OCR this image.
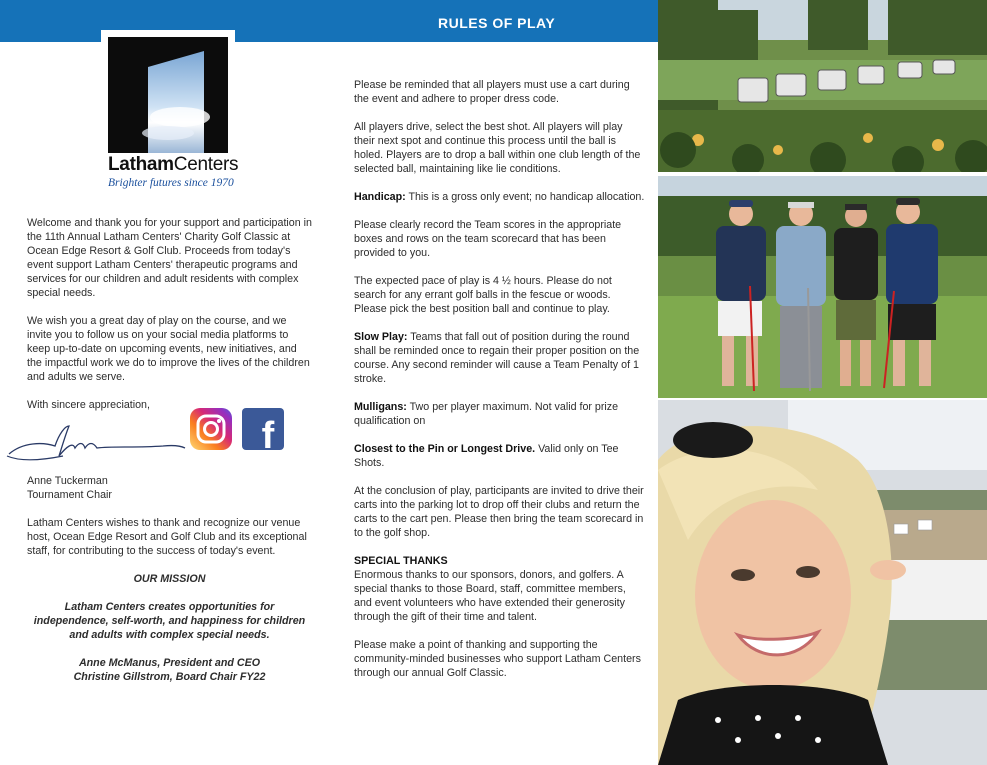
RULES OF PLAY
LathamCenters
Brighter futures since 1970

Welcome and thank you for your support and participation in the 11th Annual Latham Centers' Charity Golf Classic at Ocean Edge Resort & Golf Club. Proceeds from today's event support Latham Centers' therapeutic programs and services for our children and adult residents with complex special needs.

We wish you a great day of play on the course, and we invite you to follow us on your social media platforms to keep up-to-date on upcoming events, new initiatives, and the impactful work we do to improve the lives of the children and adults we serve.

With sincere appreciation,

f

Anne Tuckerman

Tournament Chair

Latham Centers wishes to thank and recognize our venue host, Ocean Edge Resort and Golf Club and its exceptional staff, for contributing to the success of today's event.

OUR MISSION

Latham Centers creates opportunities for independence, self-worth, and happiness for children and adults with complex special needs.

Anne McManus, President and CEO
Christine Gillstrom, Board Chair FY22

Please be reminded that all players must use a cart during the event and adhere to proper dress code.

All players drive, select the best shot. All players will play their next spot and continue this process until the ball is holed. Players are to drop a ball within one club length of the selected ball, maintaining like lie conditions.

Handicap: This is a gross only event; no handicap allocation.

Please clearly record the Team scores in the appropriate boxes and rows on the team scorecard that has been provided to you.

The expected pace of play is 4 ½ hours. Please do not search for any errant golf balls in the fescue or woods. Please pick the best position ball and continue to play.

Slow Play: Teams that fall out of position during the round shall be reminded once to regain their proper position on the course. Any second reminder will cause a Team Penalty of 1 stroke.

Mulligans: Two per player maximum. Not valid for prize qualification on

Closest to the Pin or Longest Drive. Valid only on Tee Shots.

At the conclusion of play, participants are invited to drive their carts into the parking lot to drop off their clubs and return the carts to the cart pen. Please then bring the team scorecard in to the golf shop.

SPECIAL THANKS

Enormous thanks to our sponsors, donors, and golfers. A special thanks to those Board, staff, committee members, and event volunteers who have extended their generosity through the gift of their time and talent.

Please make a point of thanking and supporting the community-minded businesses who support Latham Centers through our annual Golf Classic.
